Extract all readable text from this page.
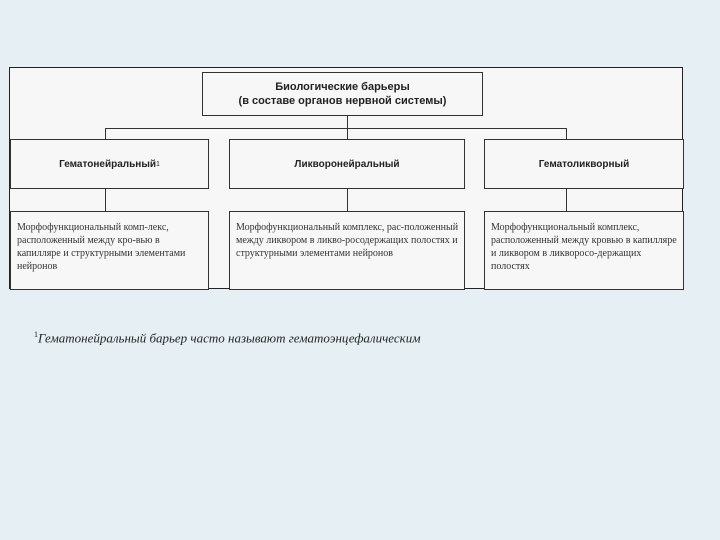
Биологические барьеры
(в составе органов нервной системы)
Гематонейральный 1	Ликворонейральный	Гематоликворный
Морфофункциональный комп-лекс, расположенный между кро-вью в капилляре и структурными элементами нейронов
Морфофункциональный комплекс, рас-положенный между ликвором в ликво-росодержащих полостях и структурными элементами нейронов
Морфофункциональный комплекс, расположенный между кровью в капилляре и ликвором в ликворосо-держащих полостях
$^1$Гематонейральный барьер часто называют гематоэнцефалическим
